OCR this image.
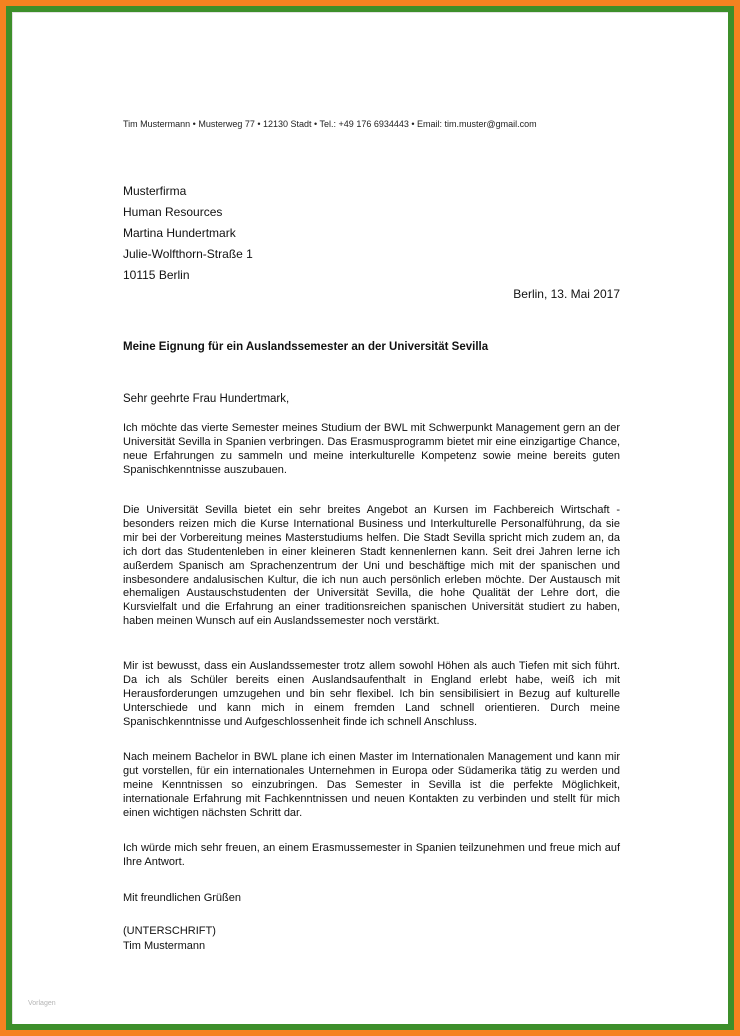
Tim Mustermann • Musterweg 77 • 12130 Stadt • Tel.: +49 176 6934443 • Email: tim.muster@gmail.com
Musterfirma
Human Resources
Martina Hundertmark
Julie-Wolfthorn-Straße 1
10115 Berlin
Berlin, 13. Mai 2017
Meine Eignung für ein Auslandssemester an der Universität Sevilla
Sehr geehrte Frau Hundertmark,
Ich möchte das vierte Semester meines Studium der BWL mit Schwerpunkt Management gern an der Universität Sevilla in Spanien verbringen. Das Erasmusprogramm bietet mir eine einzigartige Chance, neue Erfahrungen zu sammeln und meine interkulturelle Kompetenz sowie meine bereits guten Spanischkenntnisse auszubauen.
Die Universität Sevilla bietet ein sehr breites Angebot an Kursen im Fachbereich Wirtschaft - besonders reizen mich die Kurse International Business und Interkulturelle Personalführung, da sie mir bei der Vorbereitung meines Masterstudiums helfen. Die Stadt Sevilla spricht mich zudem an, da ich dort das Studentenleben in einer kleineren Stadt kennenlernen kann. Seit drei Jahren lerne ich außerdem Spanisch am Sprachenzentrum der Uni und beschäftige mich mit der spanischen und insbesondere andalusischen Kultur, die ich nun auch persönlich erleben möchte. Der Austausch mit ehemaligen Austauschstudenten der Universität Sevilla, die hohe Qualität der Lehre dort, die Kursvielfalt und die Erfahrung an einer traditionsreichen spanischen Universität studiert zu haben, haben meinen Wunsch auf ein Auslandssemester noch verstärkt.
Mir ist bewusst, dass ein Auslandssemester trotz allem sowohl Höhen als auch Tiefen mit sich führt. Da ich als Schüler bereits einen Auslandsaufenthalt in England erlebt habe, weiß ich mit Herausforderungen umzugehen und bin sehr flexibel. Ich bin sensibilisiert in Bezug auf kulturelle Unterschiede und kann mich in einem fremden Land schnell orientieren. Durch meine Spanischkenntnisse und Aufgeschlossenheit finde ich schnell Anschluss.
Nach meinem Bachelor in BWL plane ich einen Master im Internationalen Management und kann mir gut vorstellen, für ein internationales Unternehmen in Europa oder Südamerika tätig zu werden und meine Kenntnissen so einzubringen. Das Semester in Sevilla ist die perfekte Möglichkeit, internationale Erfahrung mit Fachkenntnissen und neuen Kontakten zu verbinden und stellt für mich einen wichtigen nächsten Schritt dar.
Ich würde mich sehr freuen, an einem Erasmussemester in Spanien teilzunehmen und freue mich auf Ihre Antwort.
Mit freundlichen Grüßen
(UNTERSCHRIFT)
Tim Mustermann
Vorlagen
